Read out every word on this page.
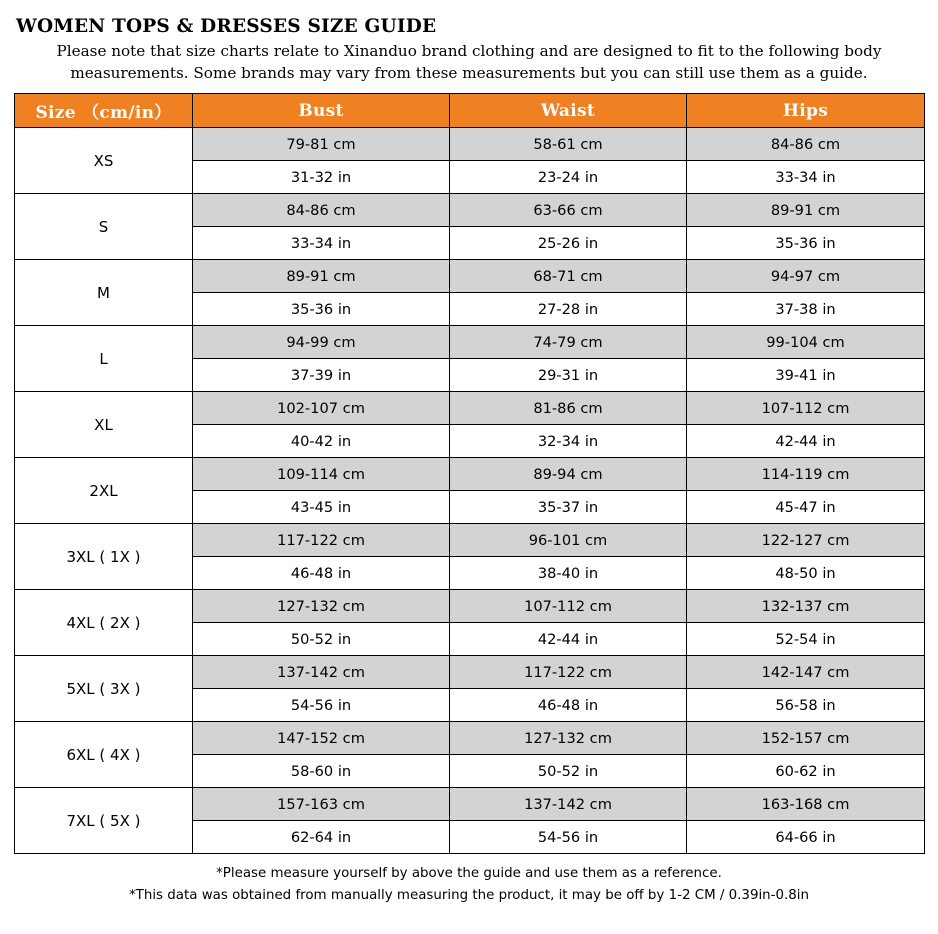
WOMEN TOPS & DRESSES SIZE GUIDE
Please note that size charts relate to Xinanduo brand clothing and are designed to fit to the following body measurements. Some brands may vary from these measurements but you can still use them as a guide.
Size （cm/in）	Bust	Waist	Hips
XS	79-81 cm	58-61 cm	84-86 cm
	31-32 in	23-24 in	33-34 in
S	84-86 cm	63-66 cm	89-91 cm
	33-34 in	25-26 in	35-36 in
M	89-91 cm	68-71 cm	94-97 cm
	35-36 in	27-28 in	37-38 in
L	94-99 cm	74-79 cm	99-104 cm
	37-39 in	29-31 in	39-41 in
XL	102-107 cm	81-86 cm	107-112 cm
	40-42 in	32-34 in	42-44 in
2XL	109-114 cm	89-94 cm	114-119 cm
	43-45 in	35-37 in	45-47 in
3XL ( 1X )	117-122 cm	96-101 cm	122-127 cm
	46-48 in	38-40 in	48-50 in
4XL ( 2X )	127-132 cm	107-112 cm	132-137 cm
	50-52 in	42-44 in	52-54 in
5XL ( 3X )	137-142 cm	117-122 cm	142-147 cm
	54-56 in	46-48 in	56-58 in
6XL ( 4X )	147-152 cm	127-132 cm	152-157 cm
	58-60 in	50-52 in	60-62 in
7XL ( 5X )	157-163 cm	137-142 cm	163-168 cm
	62-64 in	54-56 in	64-66 in
*Please measure yourself by above the guide and use them as a reference.
*This data was obtained from manually measuring the product, it may be off by 1-2 CM / 0.39in-0.8in
